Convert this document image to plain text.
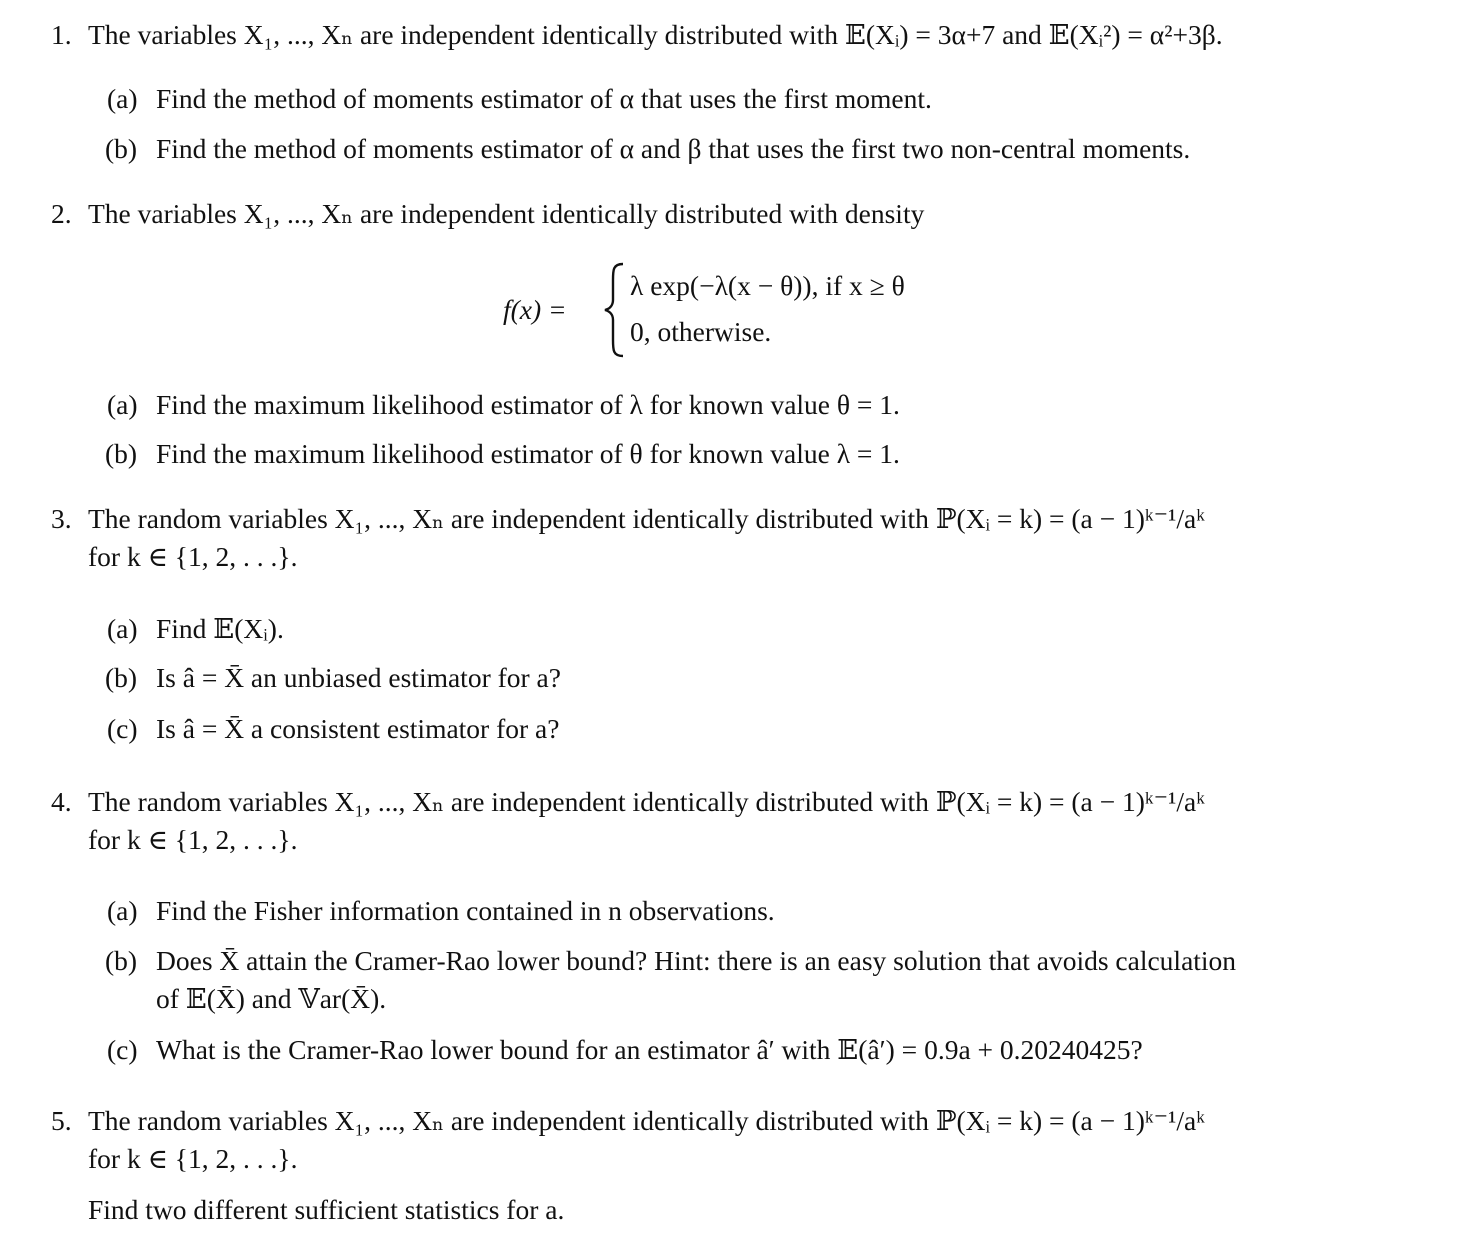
1. The variables X₁, ..., Xₙ are independent identically distributed with 𝔼(Xᵢ) = 3α+7 and 𝔼(Xᵢ²) = α²+3β.
(a) Find the method of moments estimator of α that uses the first moment.
(b) Find the method of moments estimator of α and β that uses the first two non-central moments.
2. The variables X₁, ..., Xₙ are independent identically distributed with density
f(x) =
λ exp(−λ(x − θ)), if x ≥ θ
0, otherwise.
(a) Find the maximum likelihood estimator of λ for known value θ = 1.
(b) Find the maximum likelihood estimator of θ for known value λ = 1.
3. The random variables X₁, ..., Xₙ are independent identically distributed with ℙ(Xᵢ = k) = (a − 1)ᵏ⁻¹/aᵏ
for k ∈ {1, 2, . . .}.
(a) Find 𝔼(Xᵢ).
(b) Is â = X̄ an unbiased estimator for a?
(c) Is â = X̄ a consistent estimator for a?
4. The random variables X₁, ..., Xₙ are independent identically distributed with ℙ(Xᵢ = k) = (a − 1)ᵏ⁻¹/aᵏ
for k ∈ {1, 2, . . .}.
(a) Find the Fisher information contained in n observations.
(b) Does X̄ attain the Cramer-Rao lower bound? Hint: there is an easy solution that avoids calculation
of 𝔼(X̄) and 𝕍ar(X̄).
(c) What is the Cramer-Rao lower bound for an estimator â′ with 𝔼(â′) = 0.9a + 0.20240425?
5. The random variables X₁, ..., Xₙ are independent identically distributed with ℙ(Xᵢ = k) = (a − 1)ᵏ⁻¹/aᵏ
for k ∈ {1, 2, . . .}.
Find two different sufficient statistics for a.
